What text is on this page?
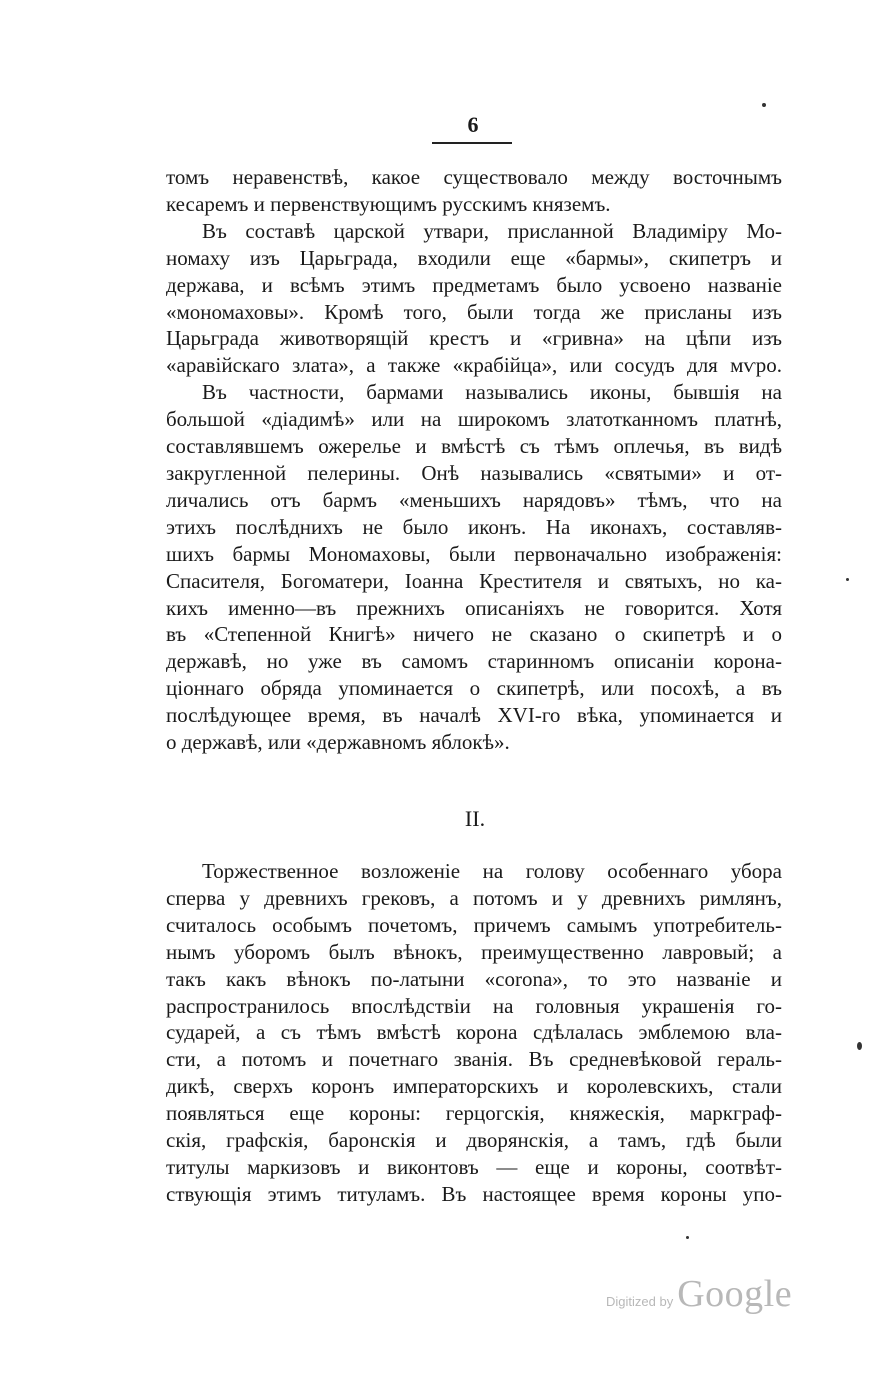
6
томъ неравенствѣ, какое существовало между восточнымъ
кесаремъ и первенствующимъ русскимъ княземъ.
Въ составѣ царской утвари, присланной Владиміру Мо-
номаху изъ Царьграда, входили еще «бармы», скипетръ и
держава, и всѣмъ этимъ предметамъ было усвоено названіе
«мономаховы». Кромѣ того, были тогда же присланы изъ
Царьграда животворящій крестъ и «гривна» на цѣпи изъ
«аравійскаго злата», а также «крабійца», или сосудъ для мѵро.
Въ частности, бармами назывались иконы, бывшія на
большой «діадимѣ» или на широкомъ златотканномъ платнѣ,
составлявшемъ ожерелье и вмѣстѣ съ тѣмъ оплечья, въ видѣ
закругленной пелерины. Онѣ назывались «святыми» и от-
личались отъ бармъ «меньшихъ нарядовъ» тѣмъ, что на
этихъ послѣднихъ не было иконъ. На иконахъ, составляв-
шихъ бармы Мономаховы, были первоначально изображенія:
Спасителя, Богоматери, Іоанна Крестителя и святыхъ, но ка-
кихъ именно—въ прежнихъ описаніяхъ не говорится. Хотя
въ «Степенной Книгѣ» ничего не сказано о скипетрѣ и о
державѣ, но уже въ самомъ старинномъ описаніи корона-
ціоннаго обряда упоминается о скипетрѣ, или посохѣ, а въ
послѣдующее время, въ началѣ XVI-го вѣка, упоминается и
о державѣ, или «державномъ яблокѣ».
II.
Торжественное возложеніе на голову особеннаго убора
сперва у древнихъ грековъ, а потомъ и у древнихъ римлянъ,
считалось особымъ почетомъ, причемъ самымъ употребитель-
нымъ уборомъ былъ вѣнокъ, преимущественно лавровый; а
такъ какъ вѣнокъ по-латыни «corona», то это названіе и
распространилось впослѣдствіи на головныя украшенія го-
сударей, а съ тѣмъ вмѣстѣ корона сдѣлалась эмблемою вла-
сти, а потомъ и почетнаго званія. Въ средневѣковой гераль-
дикѣ, сверхъ коронъ императорскихъ и королевскихъ, стали
появляться еще короны: герцогскія, княжескія, маркграф-
скія, графскія, баронскія и дворянскія, а тамъ, гдѣ были
титулы маркизовъ и виконтовъ — еще и короны, соотвѣт-
ствующія этимъ титуламъ. Въ настоящее время короны упо-
Digitized by Google
